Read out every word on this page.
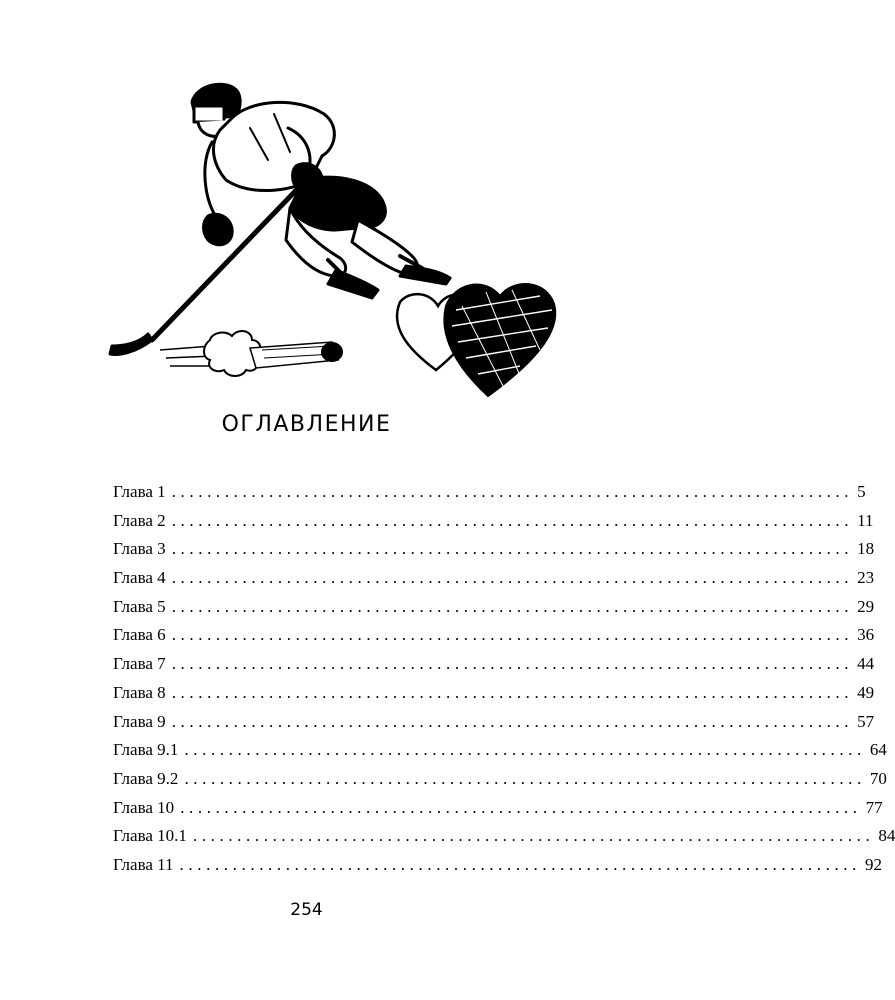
ОГЛАВЛЕНИЕ
Глава 1 ............................................................................. 5
Глава 2 ............................................................................. 11
Глава 3 ............................................................................. 18
Глава 4 ............................................................................. 23
Глава 5 ............................................................................. 29
Глава 6 ............................................................................. 36
Глава 7 ............................................................................. 44
Глава 8 ............................................................................. 49
Глава 9 ............................................................................. 57
Глава 9.1 ............................................................................. 64
Глава 9.2 ............................................................................. 70
Глава 10 ............................................................................. 77
Глава 10.1 ............................................................................. 84
Глава 11 ............................................................................. 92

254
